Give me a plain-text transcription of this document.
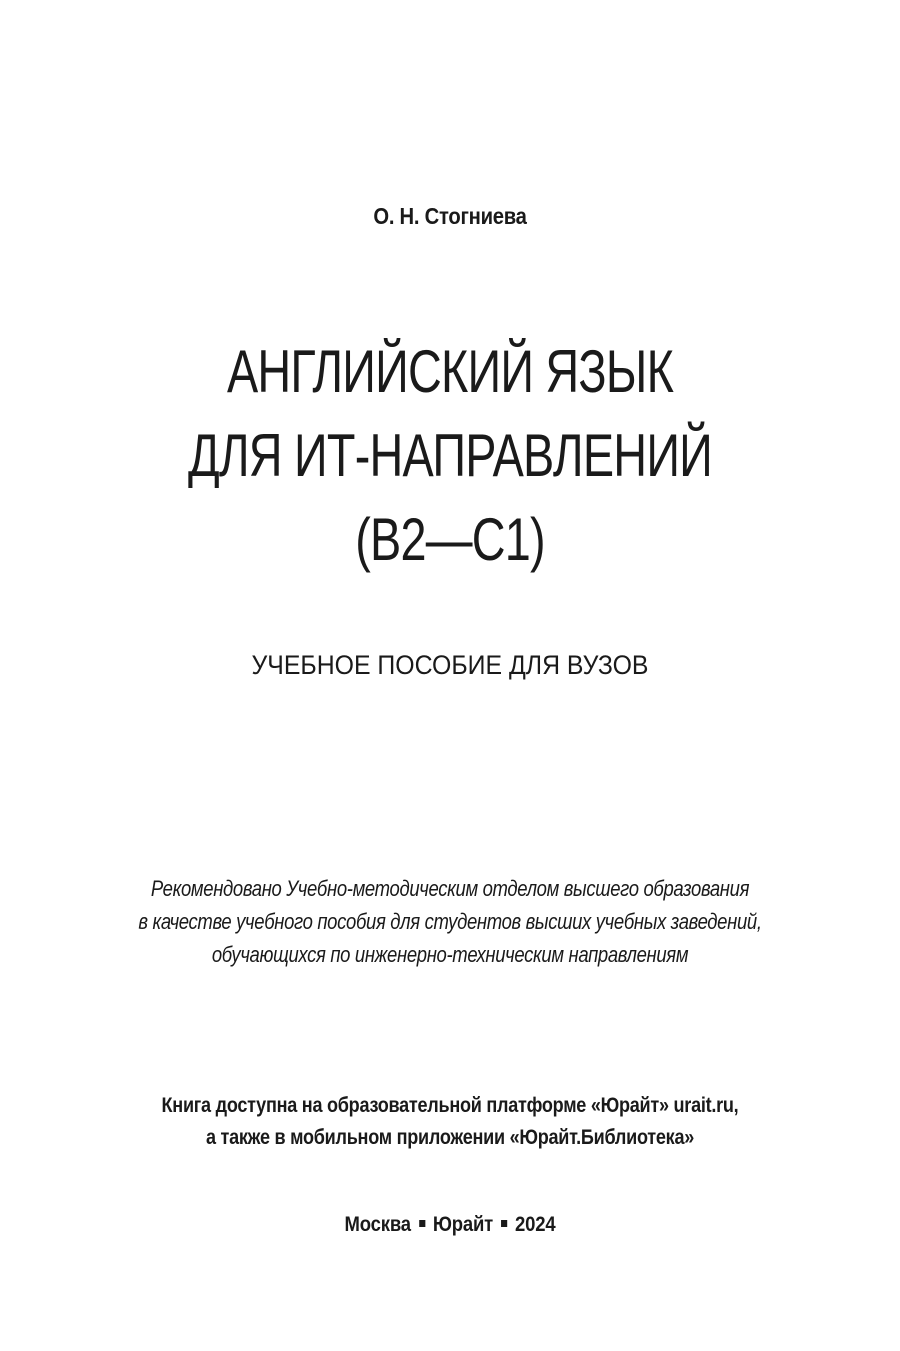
О. Н. Стогниева
АНГЛИЙСКИЙ ЯЗЫК
ДЛЯ ИТ-НАПРАВЛЕНИЙ
(B2—C1)
УЧЕБНОЕ ПОСОБИЕ ДЛЯ ВУЗОВ
Рекомендовано Учебно-методическим отделом высшего образования
в качестве учебного пособия для студентов высших учебных заведений,
обучающихся по инженерно-техническим направлениям
Книга доступна на образовательной платформе «Юрайт» urait.ru,
а также в мобильном приложении «Юрайт.Библиотека»
Москва Юрайт 2024
